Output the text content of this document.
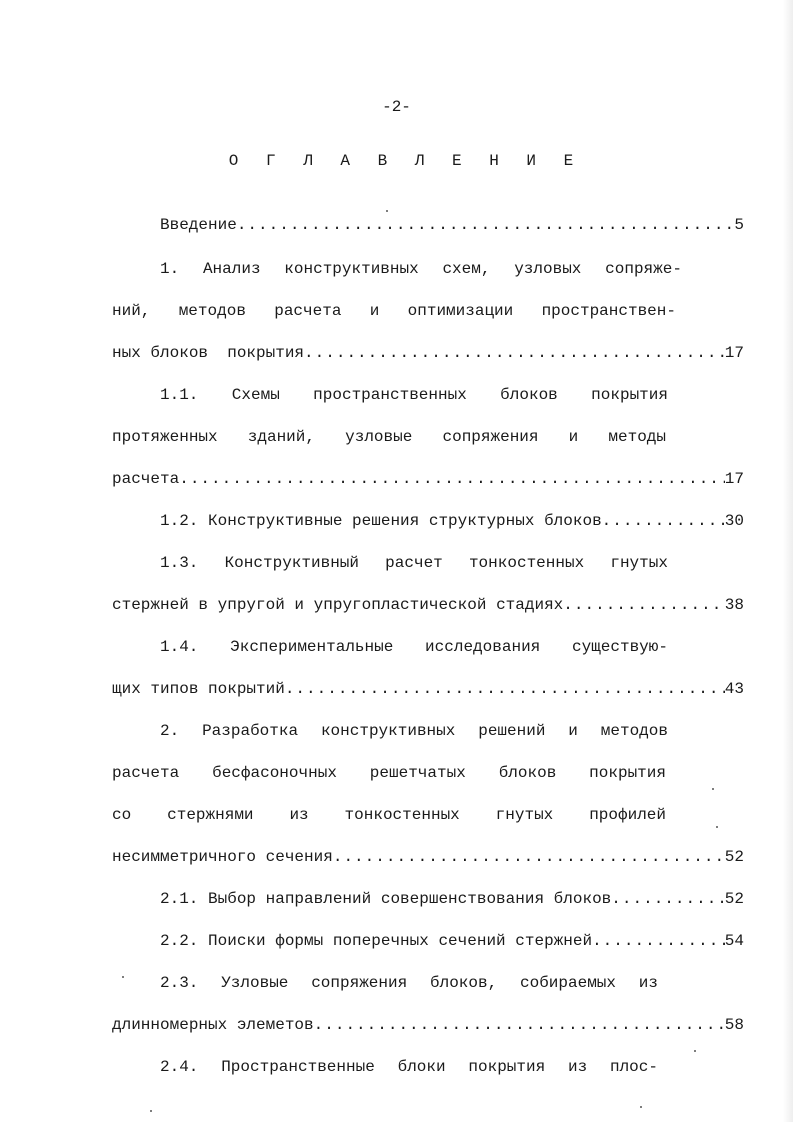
-2-
О Г Л А В Л Е Н И Е
Введение .....	5
1. Анализ конструктивных схем, узловых сопряже-
ний, методов расчета и оптимизации пространствен-
ных блоков  покрытия .....	17
1.1. Схемы пространственных блоков покрытия
протяженных зданий, узловые сопряжения и методы
расчета .....	17
1.2. Конструктивные решения структурных блоков .....	30
1.3. Конструктивный расчет тонкостенных гнутых
стержней в упругой и упругопластической стадиях .....	38
1.4. Экспериментальные исследования существую-
щих типов покрытий .....	43
2. Разработка конструктивных решений и методов
расчета бесфасоночных решетчатых блоков покрытия
со стержнями из тонкостенных гнутых профилей
несимметричного сечения .....	52
2.1. Выбор направлений совершенствования блоков .....	52
2.2. Поиски формы поперечных сечений стержней .....	54
2.3. Узловые сопряжения блоков, собираемых из
длинномерных элеметов .....	58
2.4. Пространственные блоки покрытия из плос-
